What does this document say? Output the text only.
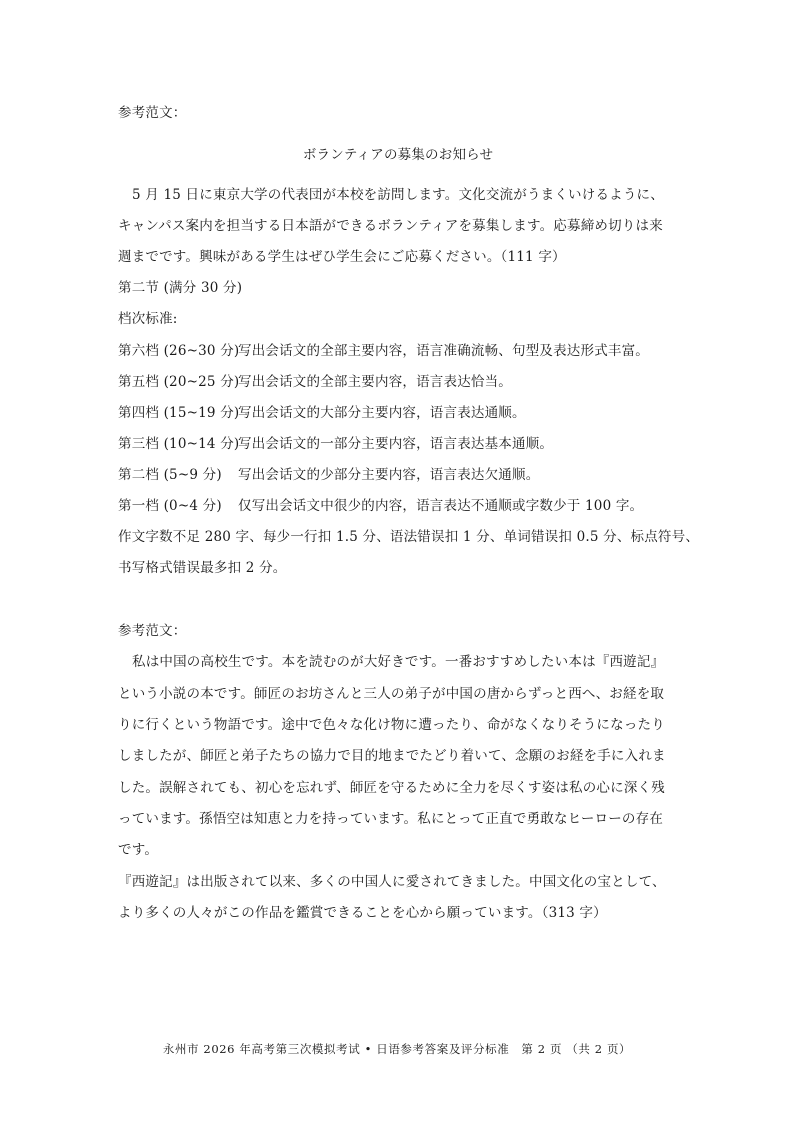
参考范文：
ボランティアの募集のお知らせ
5 月 15 日に東京大学の代表団が本校を訪問します。文化交流がうまくいけるように、
キャンパス案内を担当する日本語ができるボランティアを募集します。応募締め切りは来
週までです。興味がある学生はぜひ学生会にご応募ください。（111 字）
第二节 (满分 30 分)
档次标准:
第六档 (26~30 分)写出会话文的全部主要内容，语言准确流畅、句型及表达形式丰富。
第五档 (20~25 分)写出会话文的全部主要内容，语言表达恰当。
第四档 (15~19 分)写出会话文的大部分主要内容，语言表达通顺。
第三档 (10~14 分)写出会话文的一部分主要内容，语言表达基本通顺。
第二档 (5~9 分) 写出会话文的少部分主要内容，语言表达欠通顺。
第一档 (0~4 分) 仅写出会话文中很少的内容，语言表达不通顺或字数少于 100 字。
作文字数不足 280 字、每少一行扣 1.5 分、语法错误扣 1 分、单词错误扣 0.5 分、标点符号、
书写格式错误最多扣 2 分。
参考范文：
私は中国の高校生です。本を読むのが大好きです。一番おすすめしたい本は『西遊記』
という小説の本です。師匠のお坊さんと三人の弟子が中国の唐からずっと西へ、お経を取
りに行くという物語です。途中で色々な化け物に遭ったり、命がなくなりそうになったり
しましたが、師匠と弟子たちの協力で目的地までたどり着いて、念願のお経を手に入れま
した。誤解されても、初心を忘れず、師匠を守るために全力を尽くす姿は私の心に深く残
っています。孫悟空は知恵と力を持っています。私にとって正直で勇敢なヒーローの存在
です。
『西遊記』は出版されて以来、多くの中国人に愛されてきました。中国文化の宝として、
より多くの人々がこの作品を鑑賞できることを心から願っています。（313 字）
永州市 2026 年高考第三次模拟考试 • 日语参考答案及评分标准　第 2 页 （共 2 页）
